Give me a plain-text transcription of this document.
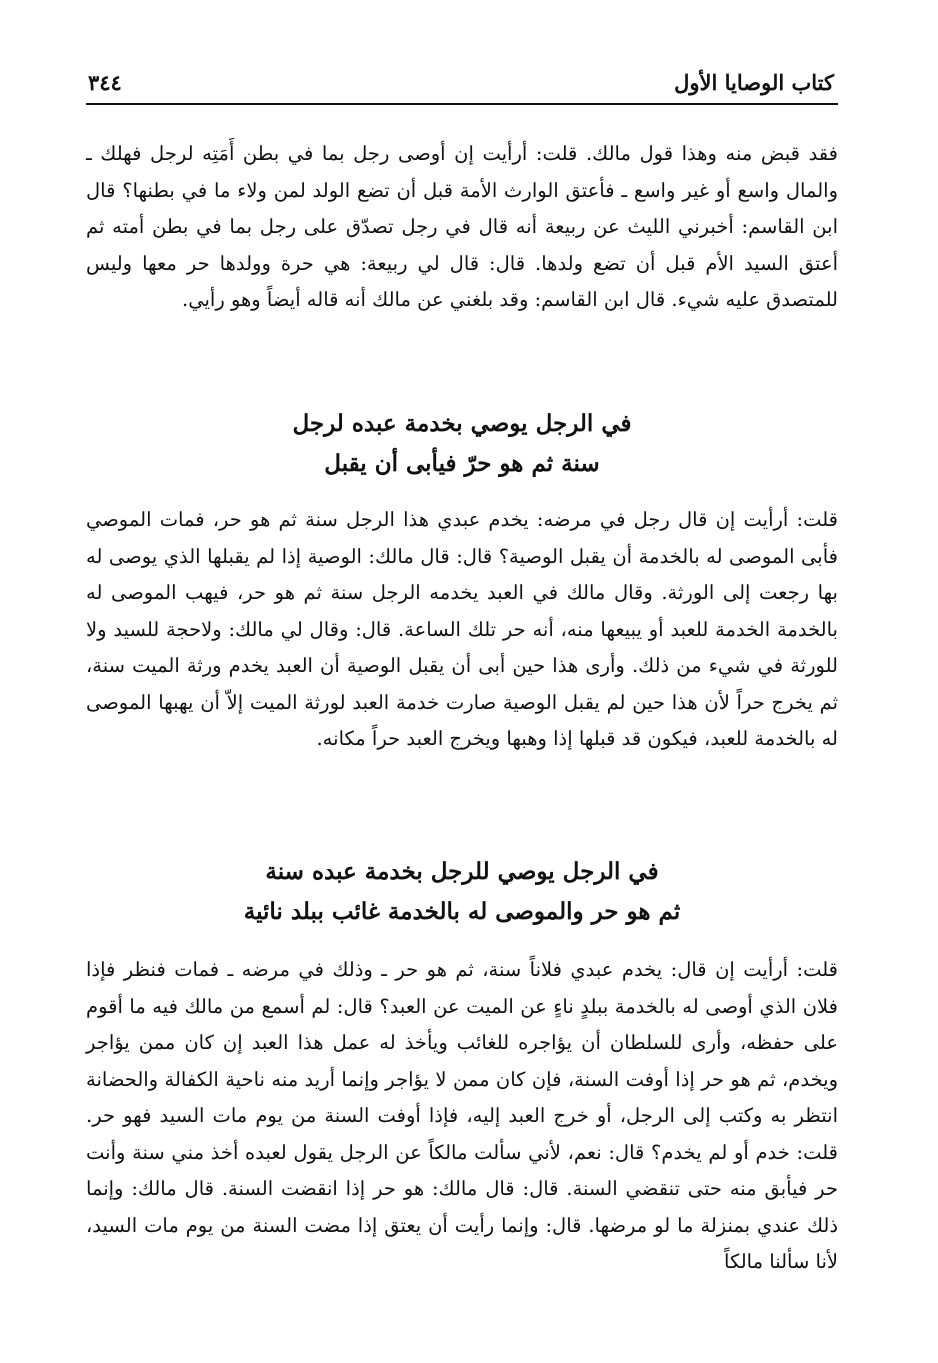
كتاب الوصايا الأول
٣٤٤

فقد قبض منه وهذا قول مالك. قلت: أرأيت إن أوصى رجل بما في بطن أَمَتِه لرجل فهلك ـ والمال واسع أو غير واسع ـ فأعتق الوارث الأمة قبل أن تضع الولد لمن ولاء ما في بطنها؟ قال ابن القاسم: أخبرني الليث عن ربيعة أنه قال في رجل تصدّق على رجل بما في بطن أمته ثم أعتق السيد الأم قبل أن تضع ولدها. قال: قال لي ربيعة: هي حرة وولدها حر معها وليس للمتصدق عليه شيء. قال ابن القاسم: وقد بلغني عن مالك أنه قاله أيضاً وهو رأيي.

في الرجل يوصي بخدمة عبده لرجل
سنة ثم هو حرّ فيأبى أن يقبل

قلت: أرأيت إن قال رجل في مرضه: يخدم عبدي هذا الرجل سنة ثم هو حر، فمات الموصي فأبى الموصى له بالخدمة أن يقبل الوصية؟ قال: قال مالك: الوصية إذا لم يقبلها الذي يوصى له بها رجعت إلى الورثة. وقال مالك في العبد يخدمه الرجل سنة ثم هو حر، فيهب الموصى له بالخدمة الخدمة للعبد أو يبيعها منه، أنه حر تلك الساعة. قال: وقال لي مالك: ولاحجة للسيد ولا للورثة في شيء من ذلك. وأرى هذا حين أبى أن يقبل الوصية أن العبد يخدم ورثة الميت سنة، ثم يخرج حراً لأن هذا حين لم يقبل الوصية صارت خدمة العبد لورثة الميت إلاّ أن يهبها الموصى له بالخدمة للعبد، فيكون قد قبلها إذا وهبها ويخرج العبد حراً مكانه.

في الرجل يوصي للرجل بخدمة عبده سنة
ثم هو حر والموصى له بالخدمة غائب ببلد نائية

قلت: أرأيت إن قال: يخدم عبدي فلاناً سنة، ثم هو حر ـ وذلك في مرضه ـ فمات فنظر فإذا فلان الذي أوصى له بالخدمة ببلدٍ ناءٍ عن الميت عن العبد؟ قال: لم أسمع من مالك فيه ما أقوم على حفظه، وأرى للسلطان أن يؤاجره للغائب ويأخذ له عمل هذا العبد إن كان ممن يؤاجر ويخدم، ثم هو حر إذا أوفت السنة، فإن كان ممن لا يؤاجر وإنما أريد منه ناحية الكفالة والحضانة انتظر به وكتب إلى الرجل، أو خرج العبد إليه، فإذا أوفت السنة من يوم مات السيد فهو حر. قلت: خدم أو لم يخدم؟ قال: نعم، لأني سألت مالكاً عن الرجل يقول لعبده أخذ مني سنة وأنت حر فيأبق منه حتى تنقضي السنة. قال: قال مالك: هو حر إذا انقضت السنة. قال مالك: وإنما ذلك عندي بمنزلة ما لو مرضها. قال: وإنما رأيت أن يعتق إذا مضت السنة من يوم مات السيد، لأنا سألنا مالكاً
